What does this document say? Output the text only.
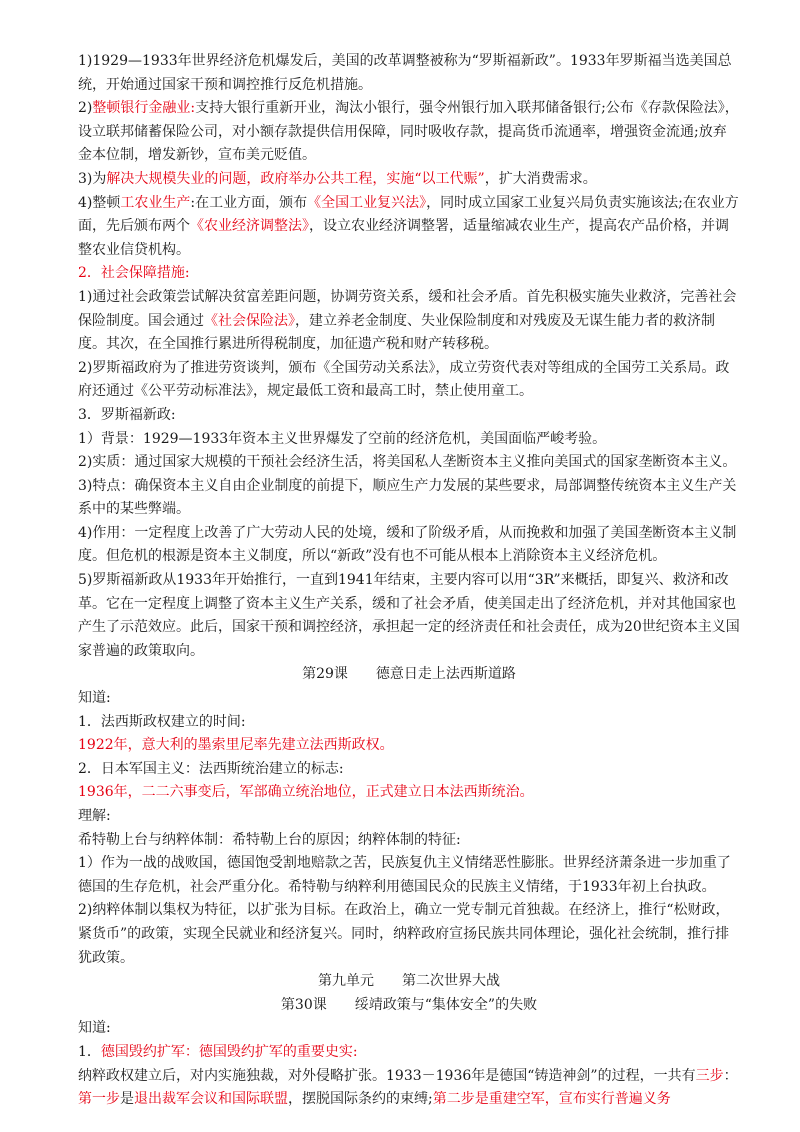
1)1929—1933年世界经济危机爆发后，美国的改革调整被称为“罗斯福新政”。1933年罗斯福当选美国总统，开始通过国家干预和调控推行反危机措施。

2)整顿银行金融业:支持大银行重新开业，淘汰小银行，强令州银行加入联邦储备银行;公布《存款保险法》，设立联邦储蓄保险公司，对小额存款提供信用保障，同时吸收存款，提高货币流通率，增强资金流通;放弃金本位制，增发新钞，宣布美元贬值。

3)为解决大规模失业的问题，政府举办公共工程，实施“以工代赈”，扩大消费需求。

4)整顿工农业生产:在工业方面，颁布《全国工业复兴法》，同时成立国家工业复兴局负责实施该法;在农业方面，先后颁布两个《农业经济调整法》，设立农业经济调整署，适量缩减农业生产，提高农产品价格，并调整农业信贷机构。

2．社会保障措施:

1)通过社会政策尝试解决贫富差距问题，协调劳资关系，缓和社会矛盾。首先积极实施失业救济，完善社会保险制度。国会通过《社会保险法》，建立养老金制度、失业保险制度和对残废及无谋生能力者的救济制度。其次，在全国推行累进所得税制度，加征遗产税和财产转移税。

2)罗斯福政府为了推进劳资谈判，颁布《全国劳动关系法》，成立劳资代表对等组成的全国劳工关系局。政府还通过《公平劳动标准法》，规定最低工资和最高工时，禁止使用童工。

3．罗斯福新政:

1）背景：1929—1933年资本主义世界爆发了空前的经济危机，美国面临严峻考验。

2)实质：通过国家大规模的干预社会经济生活，将美国私人垄断资本主义推向美国式的国家垄断资本主义。

3)特点：确保资本主义自由企业制度的前提下，顺应生产力发展的某些要求，局部调整传统资本主义生产关系中的某些弊端。

4)作用：一定程度上改善了广大劳动人民的处境，缓和了阶级矛盾，从而挽救和加强了美国垄断资本主义制度。但危机的根源是资本主义制度，所以“新政”没有也不可能从根本上消除资本主义经济危机。

5)罗斯福新政从1933年开始推行，一直到1941年结束，主要内容可以用“3R”来概括，即复兴、救济和改革。它在一定程度上调整了资本主义生产关系，缓和了社会矛盾，使美国走出了经济危机，并对其他国家也产生了示范效应。此后，国家干预和调控经济，承担起一定的经济责任和社会责任，成为20世纪资本主义国家普遍的政策取向。

第29课 德意日走上法西斯道路

知道:

1．法西斯政权建立的时间:

1922年，意大利的墨索里尼率先建立法西斯政权。

2．日本军国主义：法西斯统治建立的标志:

1936年，二二六事变后，军部确立统治地位，正式建立日本法西斯统治。

理解:

希特勒上台与纳粹体制：希特勒上台的原因；纳粹体制的特征:

1）作为一战的战败国，德国饱受割地赔款之苦，民族复仇主义情绪恶性膨胀。世界经济萧条进一步加重了德国的生存危机，社会严重分化。希特勒与纳粹利用德国民众的民族主义情绪，于1933年初上台执政。

2)纳粹体制以集权为特征，以扩张为目标。在政治上，确立一党专制元首独裁。在经济上，推行“松财政，紧货币”的政策，实现全民就业和经济复兴。同时，纳粹政府宣扬民族共同体理论，强化社会统制，推行排犹政策。

第九单元 第二次世界大战

第30课 绥靖政策与“集体安全”的失败

知道:

1．德国毁约扩军：德国毁约扩军的重要史实:

纳粹政权建立后，对内实施独裁，对外侵略扩张。1933－1936年是德国“铸造神剑”的过程，一共有三步：第一步是退出裁军会议和国际联盟，摆脱国际条约的束缚;第二步是重建空军，宣布实行普遍义务
